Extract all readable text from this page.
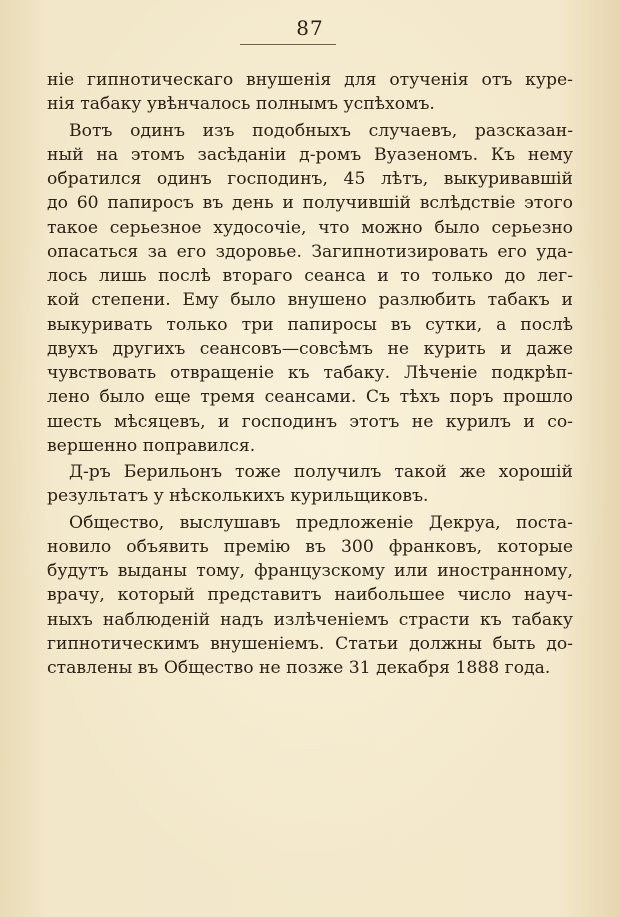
87
ніе гипнотическаго внушенія для отученія отъ куре-
нія табаку увѣнчалось полнымъ успѣхомъ.
Вотъ одинъ изъ подобныхъ случаевъ, разсказан-
ный на этомъ засѣданіи д-ромъ Вуазеномъ. Къ нему
обратился одинъ господинъ, 45 лѣтъ, выкуривавшій
до 60 папиросъ въ день и получившій вслѣдствіе этого
такое серьезное худосочіе, что можно было серьезно
опасаться за его здоровье. Загипнотизировать его уда-
лось лишь послѣ втораго сеанса и то только до лег-
кой степени. Ему было внушено разлюбить табакъ и
выкуривать только три папиросы въ сутки, а послѣ
двухъ другихъ сеансовъ—совсѣмъ не курить и даже
чувствовать отвращеніе къ табаку. Лѣченіе подкрѣп-
лено было еще тремя сеансами. Съ тѣхъ поръ прошло
шесть мѣсяцевъ, и господинъ этотъ не курилъ и со-
вершенно поправился.
Д-ръ Берильонъ тоже получилъ такой же хорошій
результатъ у нѣсколькихъ курильщиковъ.
Общество, выслушавъ предложеніе Декруа, поста-
новило объявить премію въ 300 франковъ, которые
будутъ выданы тому, французскому или иностранному,
врачу, который представитъ наибольшее число науч-
ныхъ наблюденій надъ излѣченіемъ страсти къ табаку
гипнотическимъ внушеніемъ. Статьи должны быть до-
ставлены въ Общество не позже 31 декабря 1888 года.
